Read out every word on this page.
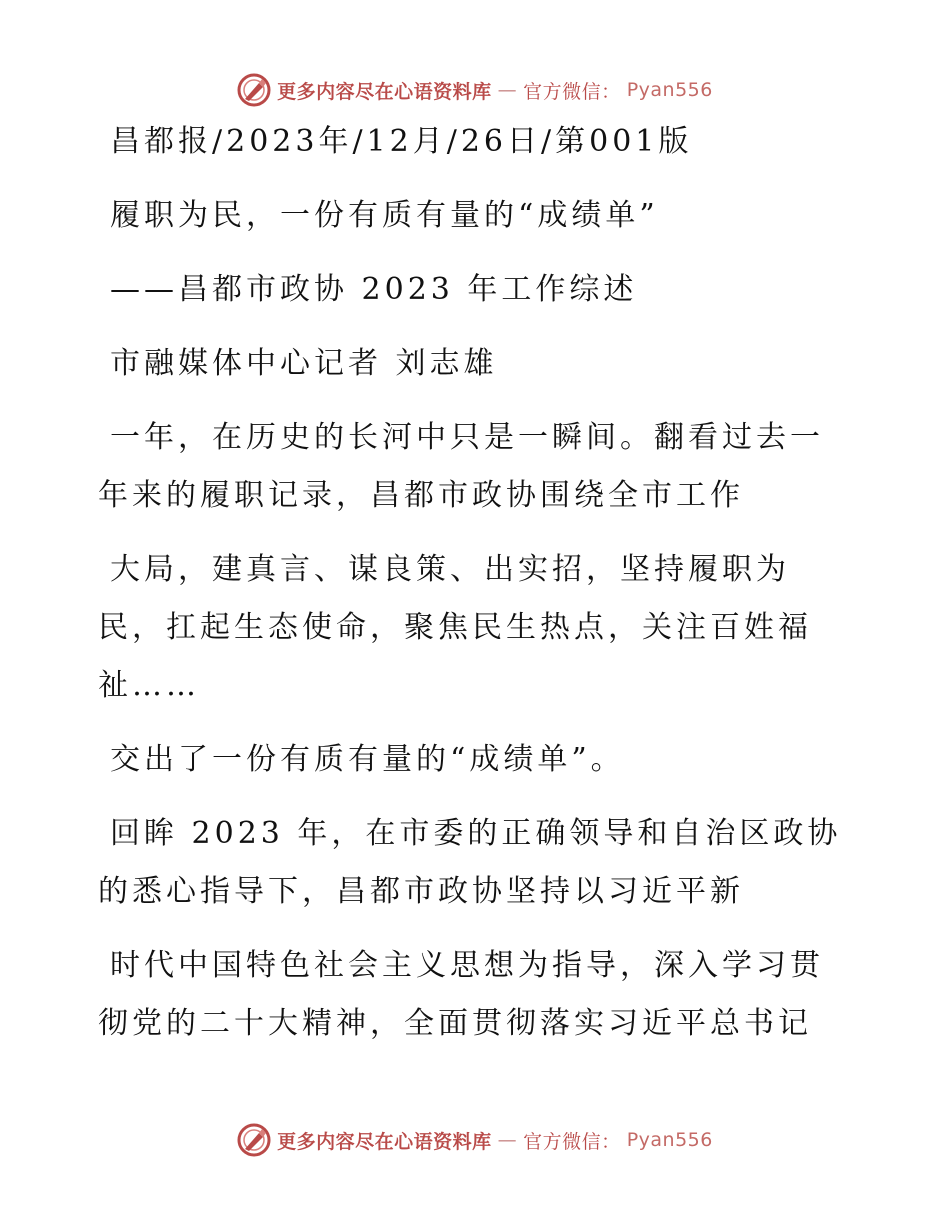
更多内容尽在心语资料库 — 官方微信： Pyan556

昌都报/2023年/12月/26日/第001版

履职为民，一份有质有量的“成绩单”

——昌都市政协 2023 年工作综述

市融媒体中心记者 刘志雄

一年，在历史的长河中只是一瞬间。翻看过去一

年来的履职记录，昌都市政协围绕全市工作

大局，建真言、谋良策、出实招，坚持履职为

民，扛起生态使命，聚焦民生热点，关注百姓福

祉……

交出了一份有质有量的“成绩单”。

回眸 2023 年，在市委的正确领导和自治区政协

的悉心指导下，昌都市政协坚持以习近平新

时代中国特色社会主义思想为指导，深入学习贯

彻党的二十大精神，全面贯彻落实习近平总书记

更多内容尽在心语资料库 — 官方微信： Pyan556
